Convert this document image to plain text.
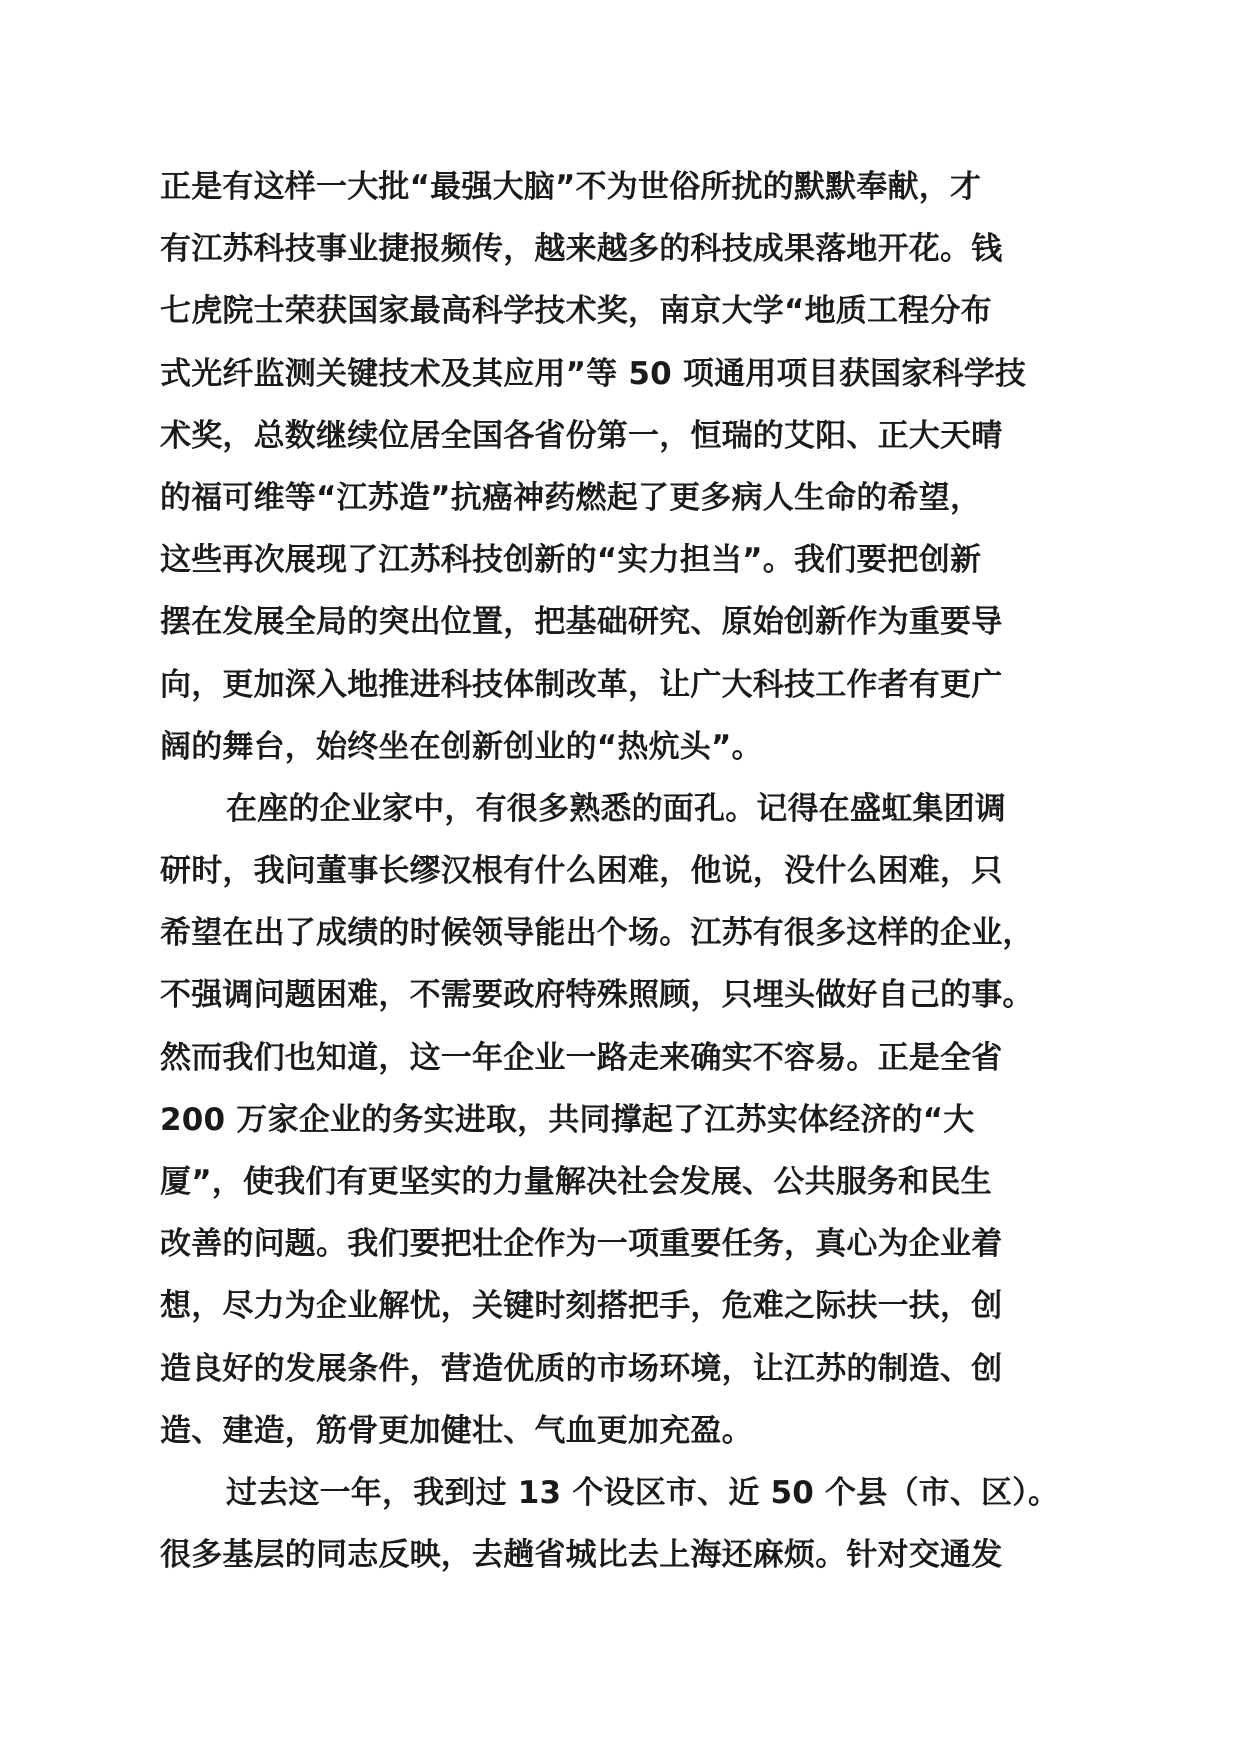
正是有这样一大批“最强大脑”不为世俗所扰的默默奉献，才
有江苏科技事业捷报频传，越来越多的科技成果落地开花。钱
七虎院士荣获国家最高科学技术奖，南京大学“地质工程分布
式光纤监测关键技术及其应用”等 50 项通用项目获国家科学技
术奖，总数继续位居全国各省份第一，恒瑞的艾阳、正大天晴
的福可维等“江苏造”抗癌神药燃起了更多病人生命的希望，
这些再次展现了江苏科技创新的“实力担当”。我们要把创新
摆在发展全局的突出位置，把基础研究、原始创新作为重要导
向，更加深入地推进科技体制改革，让广大科技工作者有更广
阔的舞台，始终坐在创新创业的“热炕头”。
在座的企业家中，有很多熟悉的面孔。记得在盛虹集团调
研时，我问董事长缪汉根有什么困难，他说，没什么困难，只
希望在出了成绩的时候领导能出个场。江苏有很多这样的企业，
不强调问题困难，不需要政府特殊照顾，只埋头做好自己的事。
然而我们也知道，这一年企业一路走来确实不容易。正是全省
200 万家企业的务实进取，共同撑起了江苏实体经济的“大
厦”，使我们有更坚实的力量解决社会发展、公共服务和民生
改善的问题。我们要把壮企作为一项重要任务，真心为企业着
想，尽力为企业解忧，关键时刻搭把手，危难之际扶一扶，创
造良好的发展条件，营造优质的市场环境，让江苏的制造、创
造、建造，筋骨更加健壮、气血更加充盈。
过去这一年，我到过 13 个设区市、近 50 个县（市、区）。
很多基层的同志反映，去趟省城比去上海还麻烦。针对交通发
